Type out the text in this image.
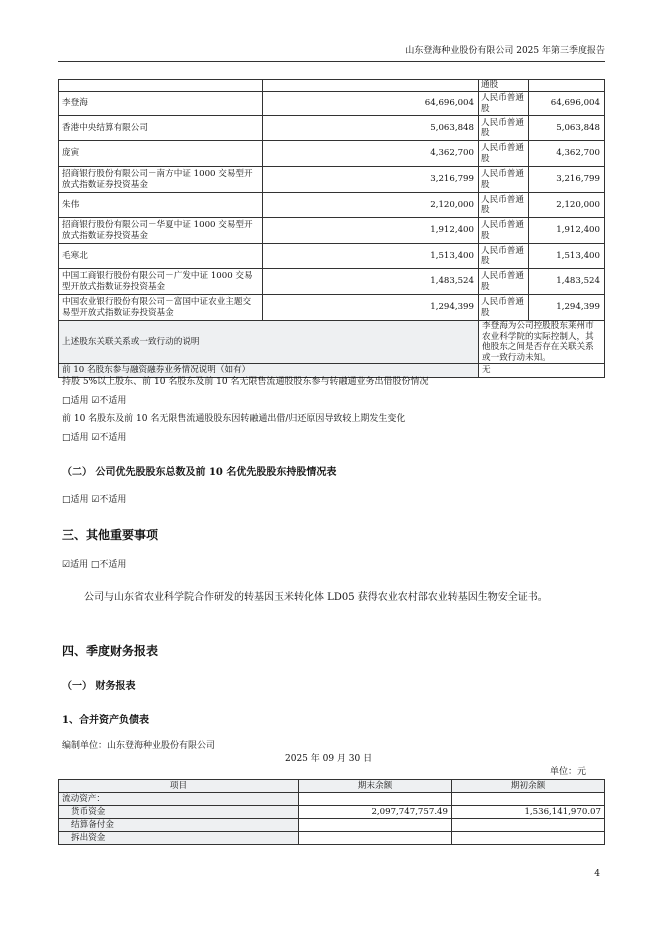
山东登海种业股份有限公司 2025 年第三季度报告
		通股	
李登海	64,696,004	人民币普通股	64,696,004
香港中央结算有限公司	5,063,848	人民币普通股	5,063,848
庞寅	4,362,700	人民币普通股	4,362,700
招商银行股份有限公司－南方中证 1000 交易型开放式指数证券投资基金	3,216,799	人民币普通股	3,216,799
朱伟	2,120,000	人民币普通股	2,120,000
招商银行股份有限公司－华夏中证 1000 交易型开放式指数证券投资基金	1,912,400	人民币普通股	1,912,400
毛寒北	1,513,400	人民币普通股	1,513,400
中国工商银行股份有限公司－广发中证 1000 交易型开放式指数证券投资基金	1,483,524	人民币普通股	1,483,524
中国农业银行股份有限公司－富国中证农业主题交易型开放式指数证券投资基金	1,294,399	人民币普通股	1,294,399
上述股东关联关系或一致行动的说明		李登海为公司控股股东莱州市农业科学院的实际控制人，其他股东之间是否存在关联关系或一致行动未知。	
前 10 名股东参与融资融券业务情况说明（如有）		无	
持股 5%以上股东、前 10 名股东及前 10 名无限售流通股股东参与转融通业务出借股份情况
□适用 ☑不适用
前 10 名股东及前 10 名无限售流通股股东因转融通出借/归还原因导致较上期发生变化
□适用 ☑不适用
（二） 公司优先股股东总数及前 10 名优先股股东持股情况表
□适用 ☑不适用
三、其他重要事项
☑适用 □不适用
公司与山东省农业科学院合作研发的转基因玉米转化体 LD05 获得农业农村部农业转基因生物安全证书。
四、季度财务报表
（一） 财务报表
1、合并资产负债表
编制单位：山东登海种业股份有限公司
2025 年 09 月 30 日
单位：元
项目	期末余额	期初余额
流动资产：		
货币资金	2,097,747,757.49	1,536,141,970.07
结算备付金		
拆出资金		
4
